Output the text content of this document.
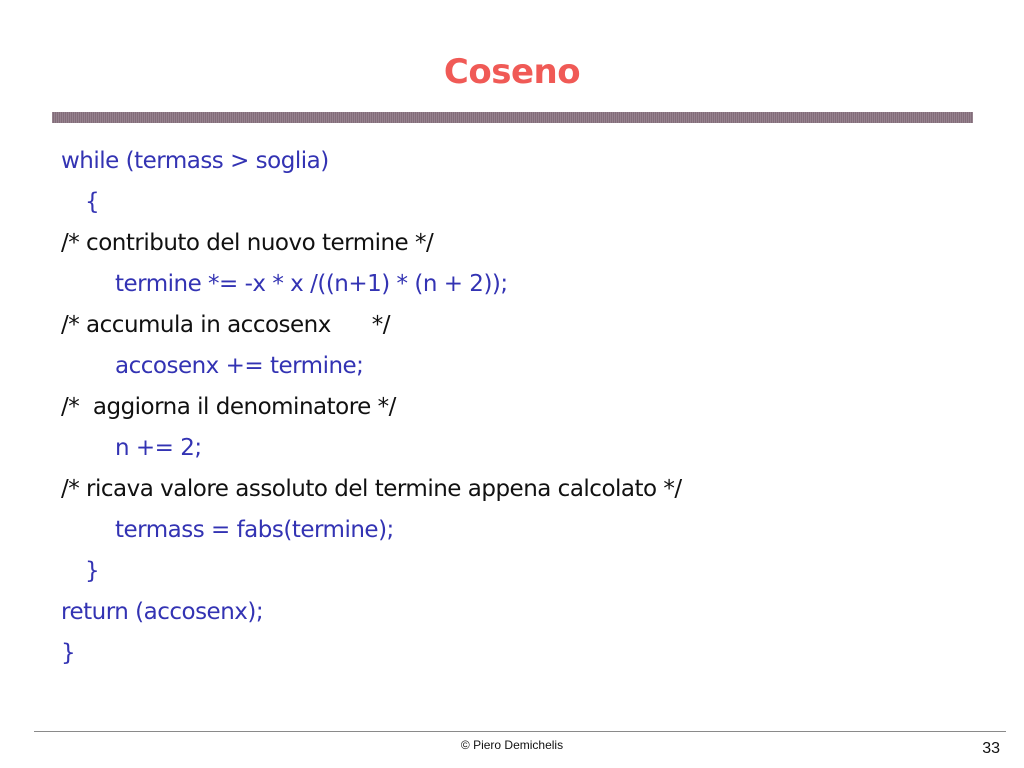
Coseno
while (termass > soglia)
{
/* contributo del nuovo termine */
termine *= -x * x /((n+1) * (n + 2));
/* accumula in accosenx      */
accosenx += termine;
/*  aggiorna il denominatore */
n += 2;
/* ricava valore assoluto del termine appena calcolato */
termass = fabs(termine);
}
return (accosenx);
}
© Piero Demichelis	33
